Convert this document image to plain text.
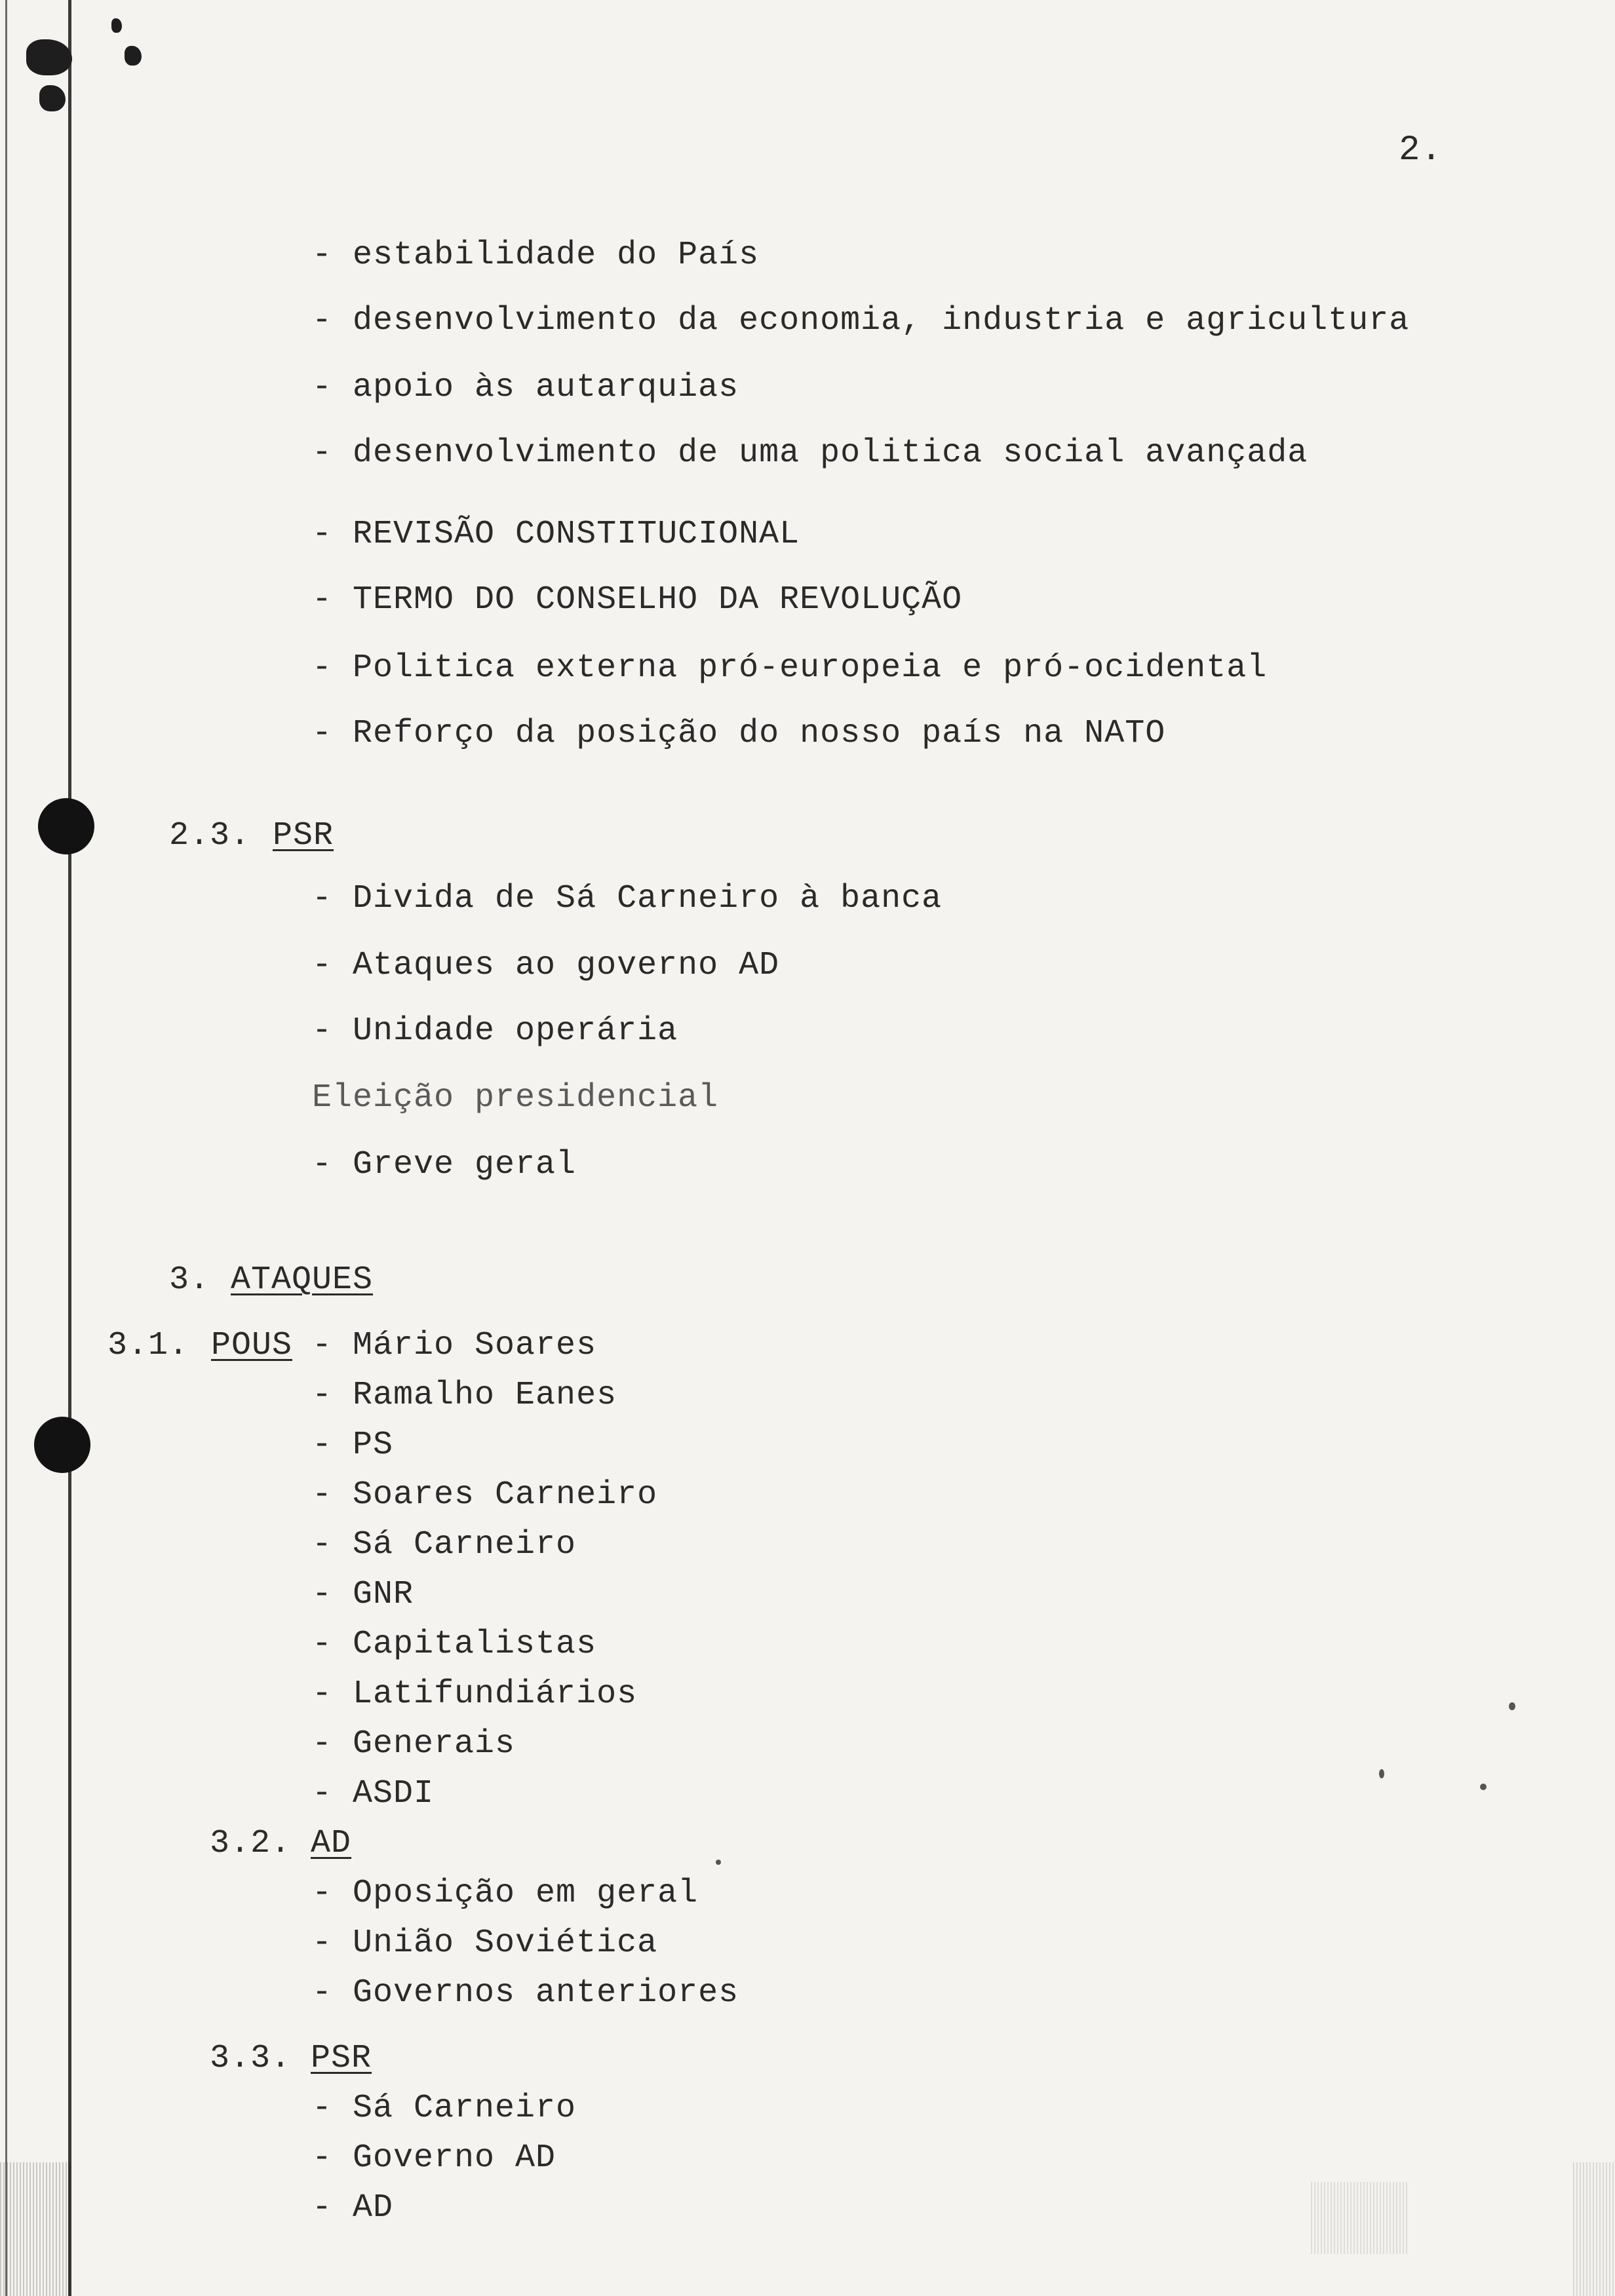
2.
- estabilidade do País
- desenvolvimento da economia, industria e agricultura
- apoio às autarquias
- desenvolvimento de uma politica social avançada
- REVISÃO CONSTITUCIONAL
- TERMO DO CONSELHO DA REVOLUÇÃO
- Politica externa pró-europeia e pró-ocidental
- Reforço da posição do nosso país na NATO
2.3. PSR
- Divida de Sá Carneiro à banca
- Ataques ao governo AD
- Unidade operária
Eleição presidencial
- Greve geral
3. ATAQUES
3.1. POUS - Mário Soares
- Ramalho Eanes
- PS
- Soares Carneiro
- Sá Carneiro
- GNR
- Capitalistas
- Latifundiários
- Generais
- ASDI
3.2. AD
- Oposição em geral
- União Soviética
- Governos anteriores
3.3. PSR
- Sá Carneiro
- Governo AD
- AD
